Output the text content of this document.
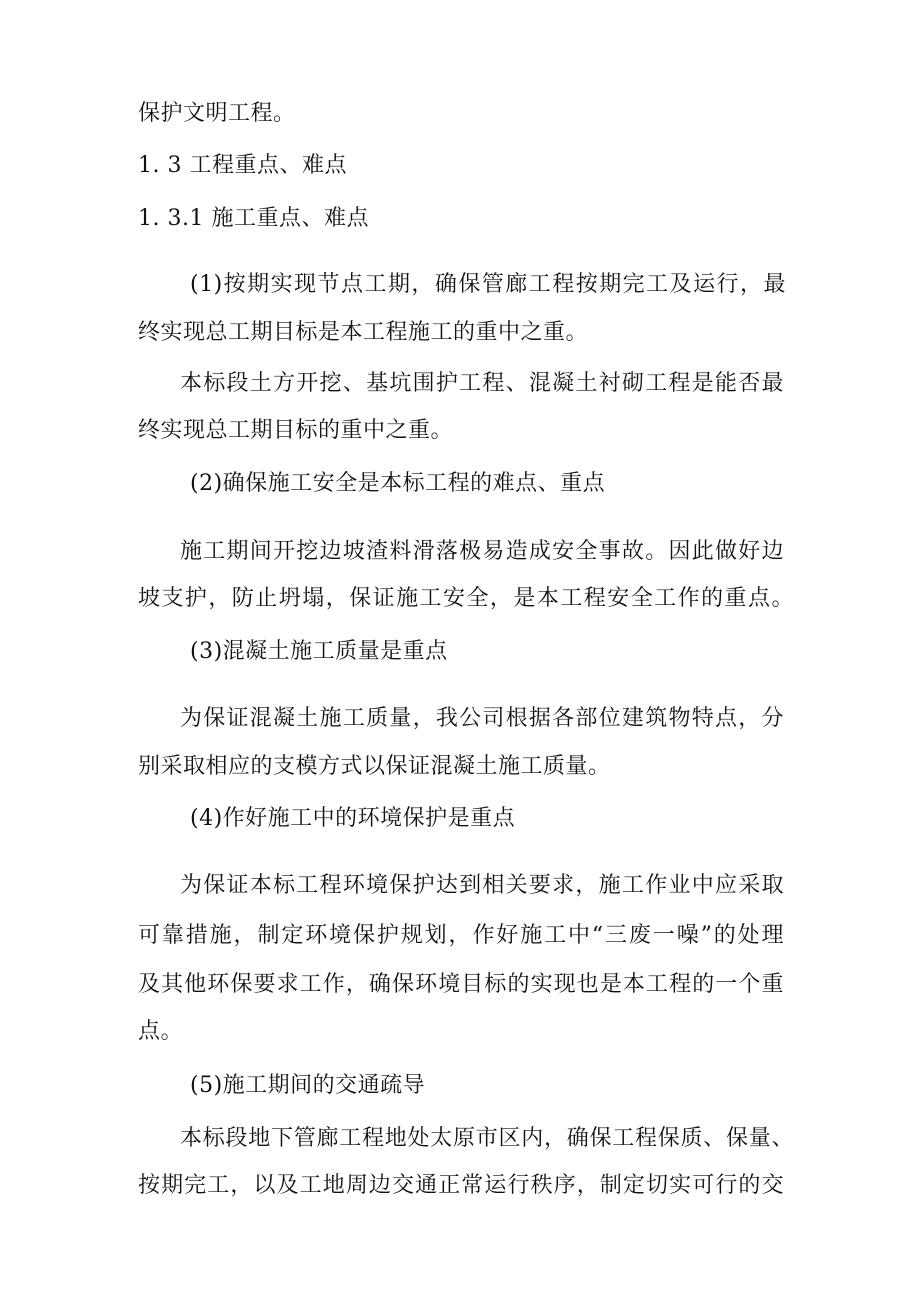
保护文明工程。
1. 3 工程重点、难点
1. 3.1 施工重点、难点
(1)按期实现节点工期，确保管廊工程按期完工及运行，最
终实现总工期目标是本工程施工的重中之重。
本标段土方开挖、基坑围护工程、混凝土衬砌工程是能否最
终实现总工期目标的重中之重。
(2)确保施工安全是本标工程的难点、重点
施工期间开挖边坡渣料滑落极易造成安全事故。因此做好边
坡支护，防止坍塌，保证施工安全，是本工程安全工作的重点。
(3)混凝土施工质量是重点
为保证混凝土施工质量，我公司根据各部位建筑物特点，分
别采取相应的支模方式以保证混凝土施工质量。
(4)作好施工中的环境保护是重点
为保证本标工程环境保护达到相关要求，施工作业中应采取
可靠措施，制定环境保护规划，作好施工中“三废一噪”的处理
及其他环保要求工作，确保环境目标的实现也是本工程的一个重
点。
(5)施工期间的交通疏导
本标段地下管廊工程地处太原市区内，确保工程保质、保量、
按期完工，以及工地周边交通正常运行秩序，制定切实可行的交
